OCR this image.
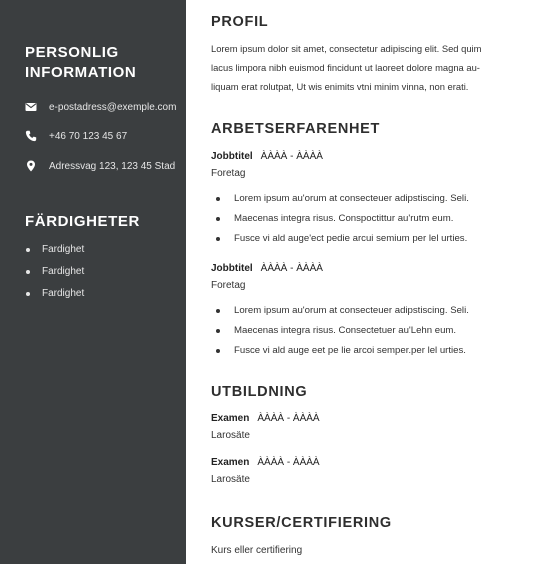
PERSONLIG
INFORMATION
e-postadress@exemple.com
+46 70 123 45 67
Adressvag 123, 123 45 Stad
FÄRDIGHETER
Fardighet
Fardighet
Fardighet
PROFIL
Lorem ipsum dolor sit amet, consectetur adipiscing elit. Sed quim
lacus limpora nibh euismod fincidunt ut laoreet dolore magna au-
liquam erat rolutpat, Ut wis enimits vtni minim vinna, non erati.
ARBETSERFARENHET
Jobbtitel ÀÀÀÀ - ÀÀÀÀ
Foretag
Lorem ipsum au'orum at consecteuer adipstiscing. Seli.
Maecenas integra risus. Conspoctittur au'rutm eum.
Fusce vi ald auge'ect pedie arcui semium per lel urties.
Jobbtitel ÀÀÀÀ - ÀÀÀÀ
Foretag
Lorem ipsum au'orum at consecteuer adipstiscing. Seli.
Maecenas integra risus. Consectetuer au'Lehn eum.
Fusce vi ald auge eet pe lie arcoi semper.per lel urties.
UTBILDNING
Examen ÀÀÀÀ - ÀÀÀÀ
Larosäte
Examen ÀÀÀÀ - ÀÀÀÀ
Larosäte
KURSER/CERTIFIERING
Kurs eller certifiering
